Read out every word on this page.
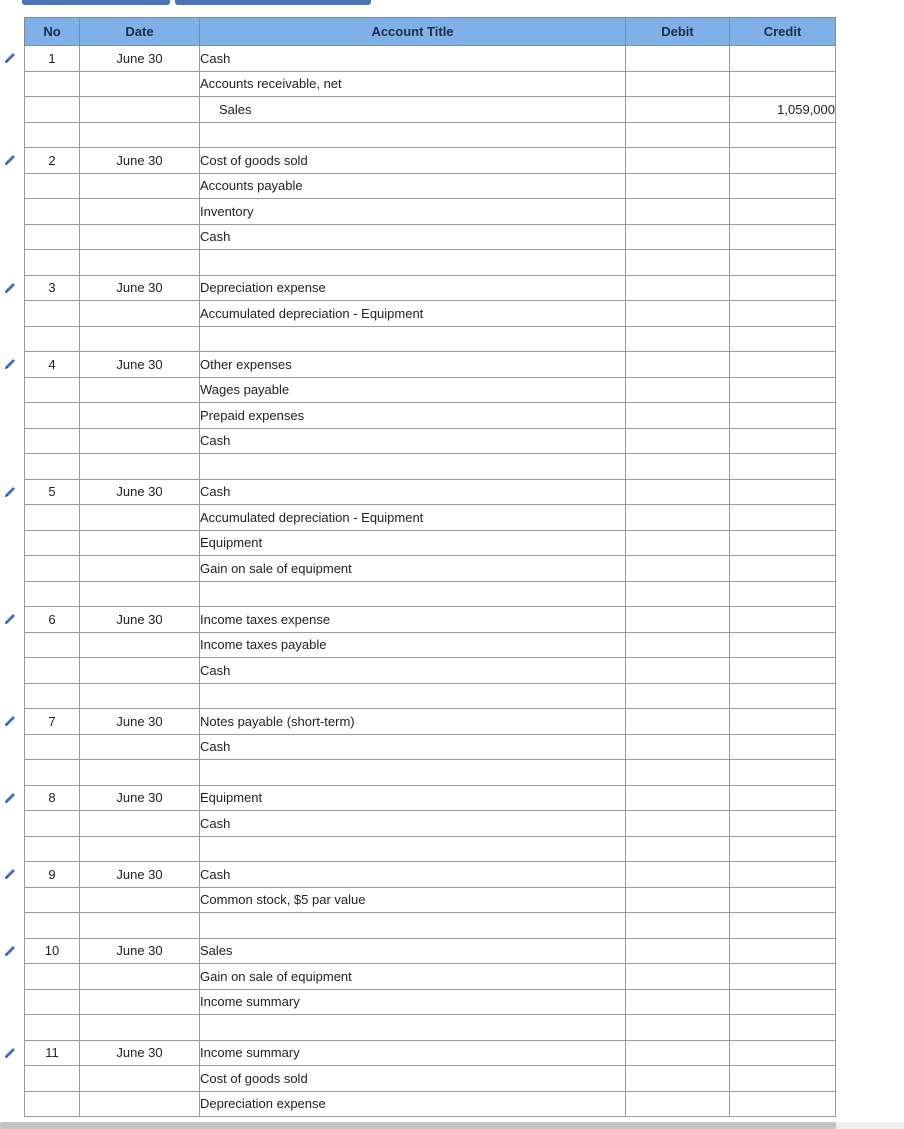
No	Date	Account Title	Debit	Credit
1	June 30	Cash		
		Accounts receivable, net		
		Sales		1,059,000

2	June 30	Cost of goods sold		
		Accounts payable		
		Inventory		
		Cash		

3	June 30	Depreciation expense		
		Accumulated depreciation - Equipment		

4	June 30	Other expenses		
		Wages payable		
		Prepaid expenses		
		Cash		

5	June 30	Cash		
		Accumulated depreciation - Equipment		
		Equipment		
		Gain on sale of equipment		

6	June 30	Income taxes expense		
		Income taxes payable		
		Cash		

7	June 30	Notes payable (short-term)		
		Cash		

8	June 30	Equipment		
		Cash		

9	June 30	Cash		
		Common stock, $5 par value		

10	June 30	Sales		
		Gain on sale of equipment		
		Income summary		

11	June 30	Income summary		
		Cost of goods sold		
		Depreciation expense		
